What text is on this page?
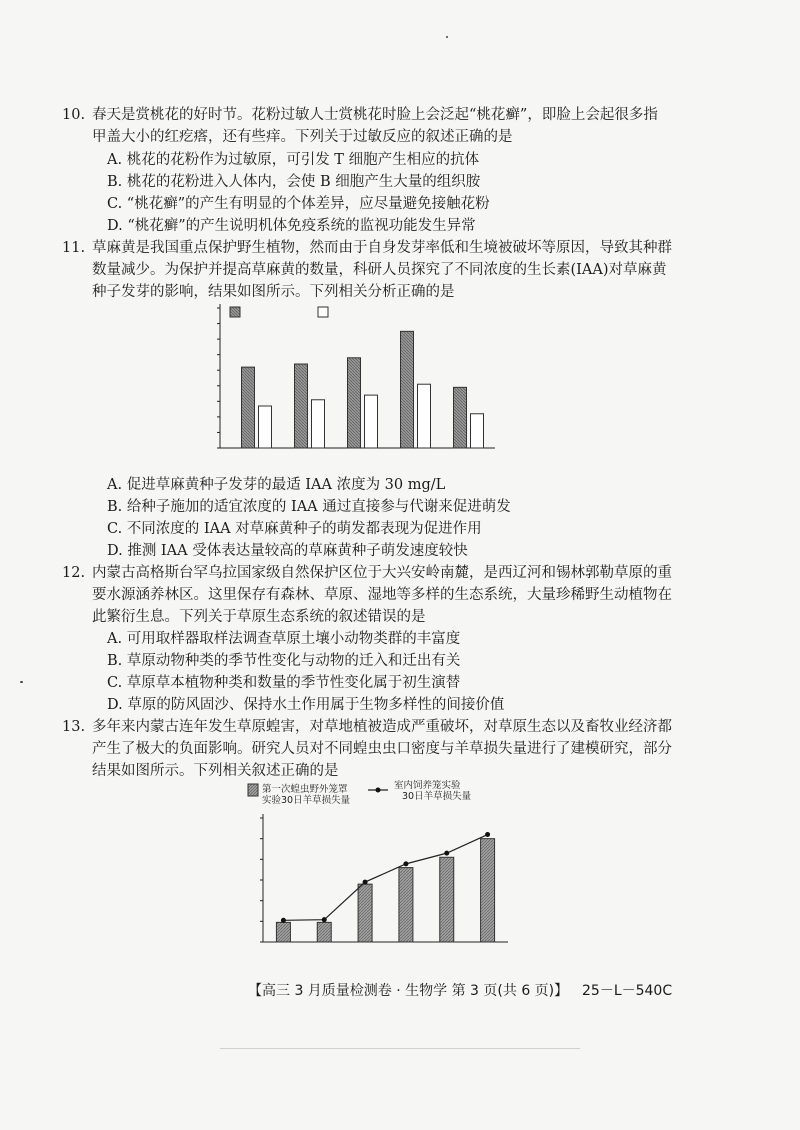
10. 春天是赏桃花的好时节。花粉过敏人士赏桃花时脸上会泛起“桃花癣”，即脸上会起很多指甲盖大小的红疙瘩，还有些痒。下列关于过敏反应的叙述正确的是
A. 桃花的花粉作为过敏原，可引发 T 细胞产生相应的抗体
B. 桃花的花粉进入人体内，会使 B 细胞产生大量的组织胺
C. “桃花癣”的产生有明显的个体差异，应尽量避免接触花粉
D. “桃花癣”的产生说明机体免疫系统的监视功能发生异常
11. 草麻黄是我国重点保护野生植物，然而由于自身发芽率低和生境被破坏等原因，导致其种群数量减少。为保护并提高草麻黄的数量，科研人员探究了不同浓度的生长素(IAA)对草麻黄种子发芽的影响，结果如图所示。下列相关分析正确的是
A. 促进草麻黄种子发芽的最适 IAA 浓度为 30 mg/L
B. 给种子施加的适宜浓度的 IAA 通过直接参与代谢来促进萌发
C. 不同浓度的 IAA 对草麻黄种子的萌发都表现为促进作用
D. 推测 IAA 受体表达量较高的草麻黄种子萌发速度较快
12. 内蒙古高格斯台罕乌拉国家级自然保护区位于大兴安岭南麓，是西辽河和锡林郭勒草原的重要水源涵养林区。这里保存有森林、草原、湿地等多样的生态系统，大量珍稀野生动植物在此繁衍生息。下列关于草原生态系统的叙述错误的是
A. 可用取样器取样法调查草原土壤小动物类群的丰富度
B. 草原动物种类的季节性变化与动物的迁入和迁出有关
C. 草原草本植物种类和数量的季节性变化属于初生演替
D. 草原的防风固沙、保持水土作用属于生物多样性的间接价值
13. 多年来内蒙古连年发生草原蝗害，对草地植被造成严重破坏，对草原生态以及畜牧业经济都产生了极大的负面影响。研究人员对不同蝗虫虫口密度与羊草损失量进行了建模研究，部分结果如图所示。下列相关叙述正确的是
第一次蝗虫野外笼罩实验30日羊草损失量
室内饲养笼实验 30日羊草损失量
【高三 3 月质量检测卷 · 生物学 第 3 页(共 6 页)】 25－L－540C
